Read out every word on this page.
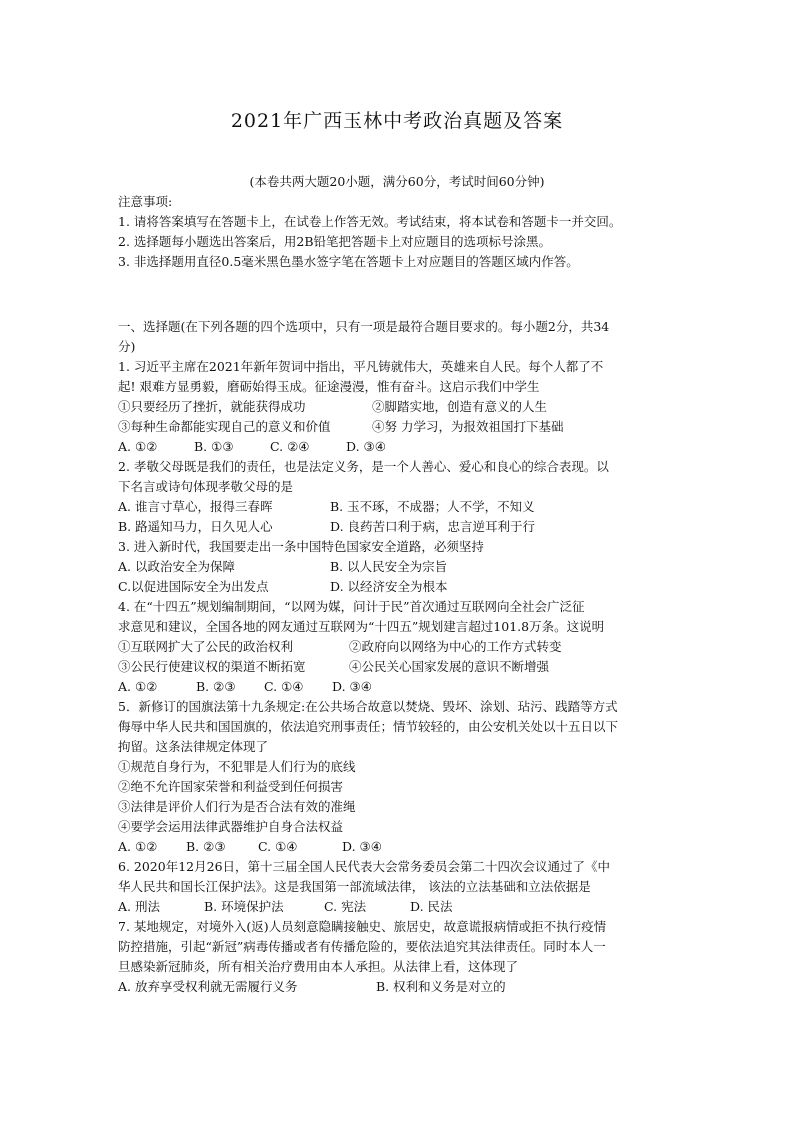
2021年广西玉林中考政治真题及答案
(本卷共两大题20小题，满分60分，考试时间60分钟)
注意事项:
1. 请将答案填写在答题卡上，在试卷上作答无效。考试结束，将本试卷和答题卡一并交回。
2. 选择题每小题选出答案后，用2B铅笔把答题卡上对应题目的选项标号涂黑。
3. 非选择题用直径0.5毫米黑色墨水签字笔在答题卡上对应题目的答题区域内作答。
一、选择题(在下列各题的四个选项中，只有一项是最符合题目要求的。每小题2分，共34
分)
1. 习近平主席在2021年新年贺词中指出，平凡铸就伟大，英雄来自人民。每个人都了不
起! 艰难方显勇毅，磨砺始得玉成。征途漫漫，惟有奋斗。这启示我们中学生
①只要经历了挫折，就能获得成功	②脚踏实地，创造有意义的人生
③每种生命都能实现自己的意义和价值	④努 力学习，为报效祖国打下基础
A. ①②	B. ①③	C. ②④	D. ③④
2. 孝敬父母既是我们的责任，也是法定义务，是一个人善心、爱心和良心的综合表现。以
下名言或诗句体现孝敬父母的是
A. 谁言寸草心，报得三春晖	B. 玉不琢，不成器；人不学，不知义
B. 路遥知马力，日久见人心	D. 良药苦口利于病，忠言逆耳利于行
3. 进入新时代，我国要走出一条中国特色国家安全道路，必须坚持
A. 以政治安全为保障	B. 以人民安全为宗旨
C.以促进国际安全为出发点	D. 以经济安全为根本
4. 在“十四五”规划编制期间，“以网为媒，问计于民”首次通过互联网向全社会广泛征
求意见和建议，全国各地的网友通过互联网为“十四五”规划建言超过101.8万条。这说明
①互联网扩大了公民的政治权利	②政府向以网络为中心的工作方式转变
③公民行使建议权的渠道不断拓宽	④公民关心国家发展的意识不断增强
A. ①②	B. ②③	C. ①④	D. ③④
5．新修订的国旗法第十九条规定:在公共场合故意以焚烧、毁坏、涂划、玷污、践踏等方式
侮辱中华人民共和国国旗的，依法追究刑事责任；情节较轻的，由公安机关处以十五日以下
拘留。这条法律规定体现了
①规范自身行为，不犯罪是人们行为的底线
②绝不允许国家荣誉和利益受到任何损害
③法律是评价人们行为是否合法有效的准绳
④要学会运用法律武器维护自身合法权益
A. ①②	B. ②③	C. ①④	D. ③④
6. 2020年12月26日，第十三届全国人民代表大会常务委员会第二十四次会议通过了《中
华人民共和国长江保护法》。这是我国第一部流域法律， 该法的立法基础和立法依据是
A. 刑法	B. 环境保护法	C. 宪法	D. 民法
7. 某地规定，对境外入(返)人员刻意隐瞒接触史、旅居史，故意谎报病情或拒不执行疫情
防控措施，引起“新冠”病毒传播或者有传播危险的，要依法追究其法律责任。同时本人一
旦感染新冠肺炎，所有相关治疗费用由本人承担。从法律上看，这体现了
A. 放弃享受权利就无需履行义务	B. 权利和义务是对立的
